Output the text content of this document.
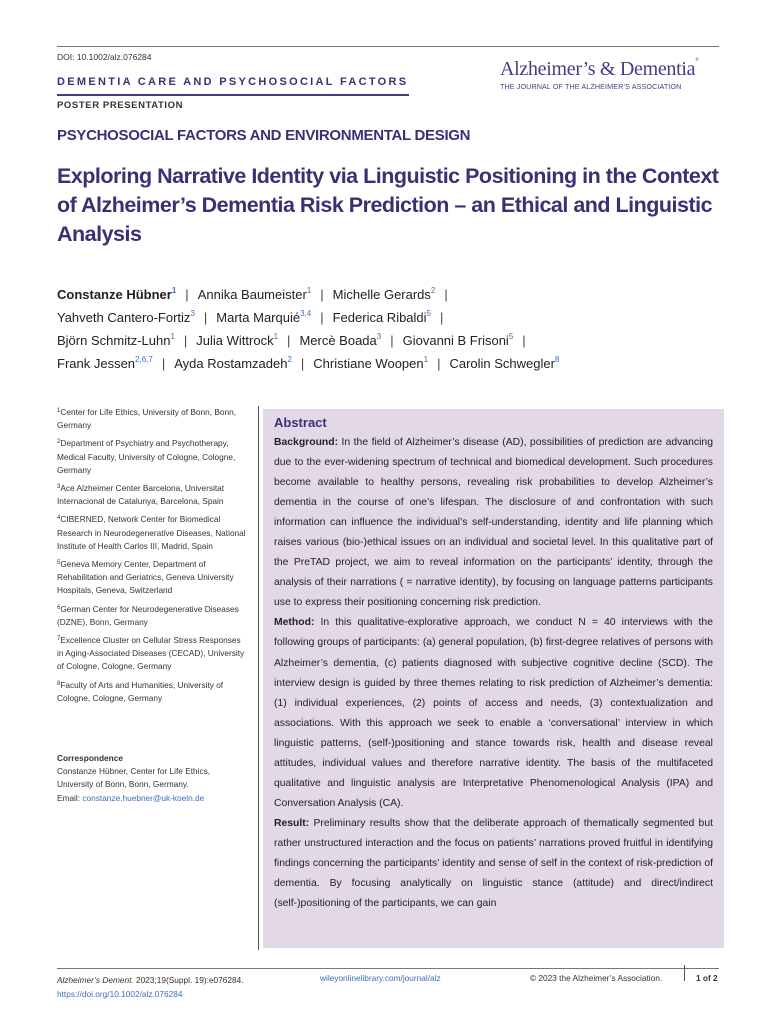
DOI: 10.1002/alz.076284
DEMENTIA CARE AND PSYCHOSOCIAL FACTORS
POSTER PRESENTATION
Alzheimer’s & Dementia®
THE JOURNAL OF THE ALZHEIMER’S ASSOCIATION
PSYCHOSOCIAL FACTORS AND ENVIRONMENTAL DESIGN
Exploring Narrative Identity via Linguistic Positioning in the Context of Alzheimer’s Dementia Risk Prediction – an Ethical and Linguistic Analysis
Constanze Hübner$^1$ | Annika Baumeister$^1$ | Michelle Gerards$^2$ |
Yahveth Cantero-Fortiz$^3$ | Marta Marquié$^{3,4}$ | Federica Ribaldi$^5$ |
Björn Schmitz-Luhn$^1$ | Julia Wittrock$^1$ | Mercè Boada$^3$ | Giovanni B Frisoni$^5$ |
Frank Jessen$^{2,6,7}$ | Ayda Rostamzadeh$^2$ | Christiane Woopen$^1$ | Carolin Schwegler$^8$
$^1$Center for Life Ethics, University of Bonn, Bonn, Germany
$^2$Department of Psychiatry and Psychotherapy, Medical Faculty, University of Cologne, Cologne, Germany
$^3$Ace Alzheimer Center Barcelona, Universitat Internacional de Catalunya, Barcelona, Spain
$^4$CIBERNED, Network Center for Biomedical Research in Neurodegenerative Diseases, National Institute of Health Carlos III, Madrid, Spain
$^5$Geneva Memory Center, Department of Rehabilitation and Geriatrics, Geneva University Hospitals, Geneva, Switzerland
$^6$German Center for Neurodegenerative Diseases (DZNE), Bonn, Germany
$^7$Excellence Cluster on Cellular Stress Responses in Aging-Associated Diseases (CECAD), University of Cologne, Cologne, Germany
$^8$Faculty of Arts and Humanities, University of Cologne, Cologne, Germany
Correspondence
Constanze Hübner, Center for Life Ethics,
University of Bonn, Bonn, Germany.
Email: constanze.huebner@uk-koeln.de
Abstract

Background: In the field of Alzheimer’s disease (AD), possibilities of prediction are advancing due to the ever-widening spectrum of technical and biomedical development. Such procedures become available to healthy persons, revealing risk probabilities to develop Alzheimer’s dementia in the course of one’s lifespan. The disclosure of and confrontation with such information can influence the individual’s self-understanding, identity and life planning which raises various (bio-)ethical issues on an individual and societal level. In this qualitative part of the PreTAD project, we aim to reveal information on the participants’ identity, through the analysis of their narrations ( = narrative identity), by focusing on language patterns participants use to express their positioning concerning risk prediction.

Method: In this qualitative-explorative approach, we conduct N = 40 interviews with the following groups of participants: (a) general population, (b) first-degree relatives of persons with Alzheimer’s dementia, (c) patients diagnosed with subjective cognitive decline (SCD). The interview design is guided by three themes relating to risk prediction of Alzheimer’s dementia: (1) individual experiences, (2) points of access and needs, (3) contextualization and associations. With this approach we seek to enable a ‘conversational’ interview in which linguistic patterns, (self-)positioning and stance towards risk, health and disease reveal attitudes, individual values and therefore narrative identity. The basis of the multifaceted qualitative and linguistic analysis are Interpretative Phenomenological Analysis (IPA) and Conversation Analysis (CA).

Result: Preliminary results show that the deliberate approach of thematically segmented but rather unstructured interaction and the focus on patients’ narrations proved fruitful in identifying findings concerning the participants’ identity and sense of self in the context of risk-prediction of dementia. By focusing analytically on linguistic stance (attitude) and direct/indirect (self-)positioning of the participants, we can gain

Alzheimer’s Dement. 2023;19(Suppl. 19):e076284.
https://doi.org/10.1002/alz.076284
wileyonlinelibrary.com/journal/alz	© 2023 the Alzheimer’s Association.	1 of 2
